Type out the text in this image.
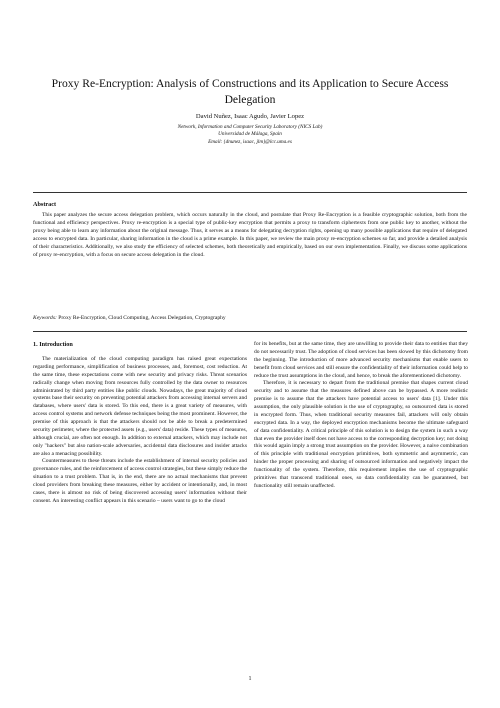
Proxy Re-Encryption: Analysis of Constructions and its Application to Secure Access Delegation
David Nuñez, Isaac Agudo, Javier Lopez
Network, Information and Computer Security Laboratory (NICS Lab)
Universidad de Málaga, Spain
Email: {dnunez, isaac, jlm}@lcc.uma.es
Abstract

This paper analyzes the secure access delegation problem, which occurs naturally in the cloud, and postulate that Proxy Re-Encryption is a feasible cryptographic solution, both from the functional and efficiency perspectives. Proxy re-encryption is a special type of public-key encryption that permits a proxy to transform ciphertexts from one public key to another, without the proxy being able to learn any information about the original message. Thus, it serves as a means for delegating decryption rights, opening up many possible applications that require of delegated access to encrypted data. In particular, sharing information in the cloud is a prime example. In this paper, we review the main proxy re-encryption schemes so far, and provide a detailed analysis of their characteristics. Additionally, we also study the efficiency of selected schemes, both theoretically and empirically, based on our own implementation. Finally, we discuss some applications of proxy re-encryption, with a focus on secure access delegation in the cloud.

Keywords: Proxy Re-Encryption, Cloud Computing, Access Delegation, Cryptography
1. Introduction

The materialization of the cloud computing paradigm has raised great expectations regarding performance, simplification of business processes, and, foremost, cost reduction. At the same time, these expectations come with new security and privacy risks. Threat scenarios radically change when moving from resources fully controlled by the data owner to resources administrated by third party entities like public clouds. Nowadays, the great majority of cloud systems base their security on preventing potential attackers from accessing internal servers and databases, where users' data is stored. To this end, there is a great variety of measures, with access control systems and network defense techniques being the most prominent. However, the premise of this approach is that the attackers should not be able to break a predetermined security perimeter, where the protected assets (e.g., users' data) reside. These types of measures, although crucial, are often not enough. In addition to external attackers, which may include not only "hackers" but also nation-scale adversaries, accidental data disclosures and insider attacks are also a menacing possibility.

Countermeasures to these threats include the establishment of internal security policies and governance rules, and the reinforcement of access control strategies, but these simply reduce the situation to a trust problem. That is, in the end, there are no actual mechanisms that prevent cloud providers from breaking these measures, either by accident or intentionally, and, in most cases, there is almost no risk of being discovered accessing users' information without their consent. An interesting conflict appears in this scenario – users want to go to the cloud

for its benefits, but at the same time, they are unwilling to provide their data to entities that they do not necessarily trust. The adoption of cloud services has been slowed by this dichotomy from the beginning. The introduction of more advanced security mechanisms that enable users to benefit from cloud services and still ensure the confidentiality of their information could help to reduce the trust assumptions in the cloud, and hence, to break the aforementioned dichotomy.

Therefore, it is necessary to depart from the traditional premise that shapes current cloud security and to assume that the measures defined above can be bypassed. A more realistic premise is to assume that the attackers have potential access to users' data [1]. Under this assumption, the only plausible solution is the use of cryptography, so outsourced data is stored in encrypted form. Thus, when traditional security measures fail, attackers will only obtain encrypted data. In a way, the deployed encryption mechanisms become the ultimate safeguard of data confidentiality. A critical principle of this solution is to design the system in such a way that even the provider itself does not have access to the corresponding decryption key; not doing this would again imply a strong trust assumption on the provider. However, a naive combination of this principle with traditional encryption primitives, both symmetric and asymmetric, can hinder the proper processing and sharing of outsourced information and negatively impact the functionality of the system. Therefore, this requirement implies the use of cryptographic primitives that transcend traditional ones, so data confidentiality can be guaranteed, but functionality still remain unaffected.

1
